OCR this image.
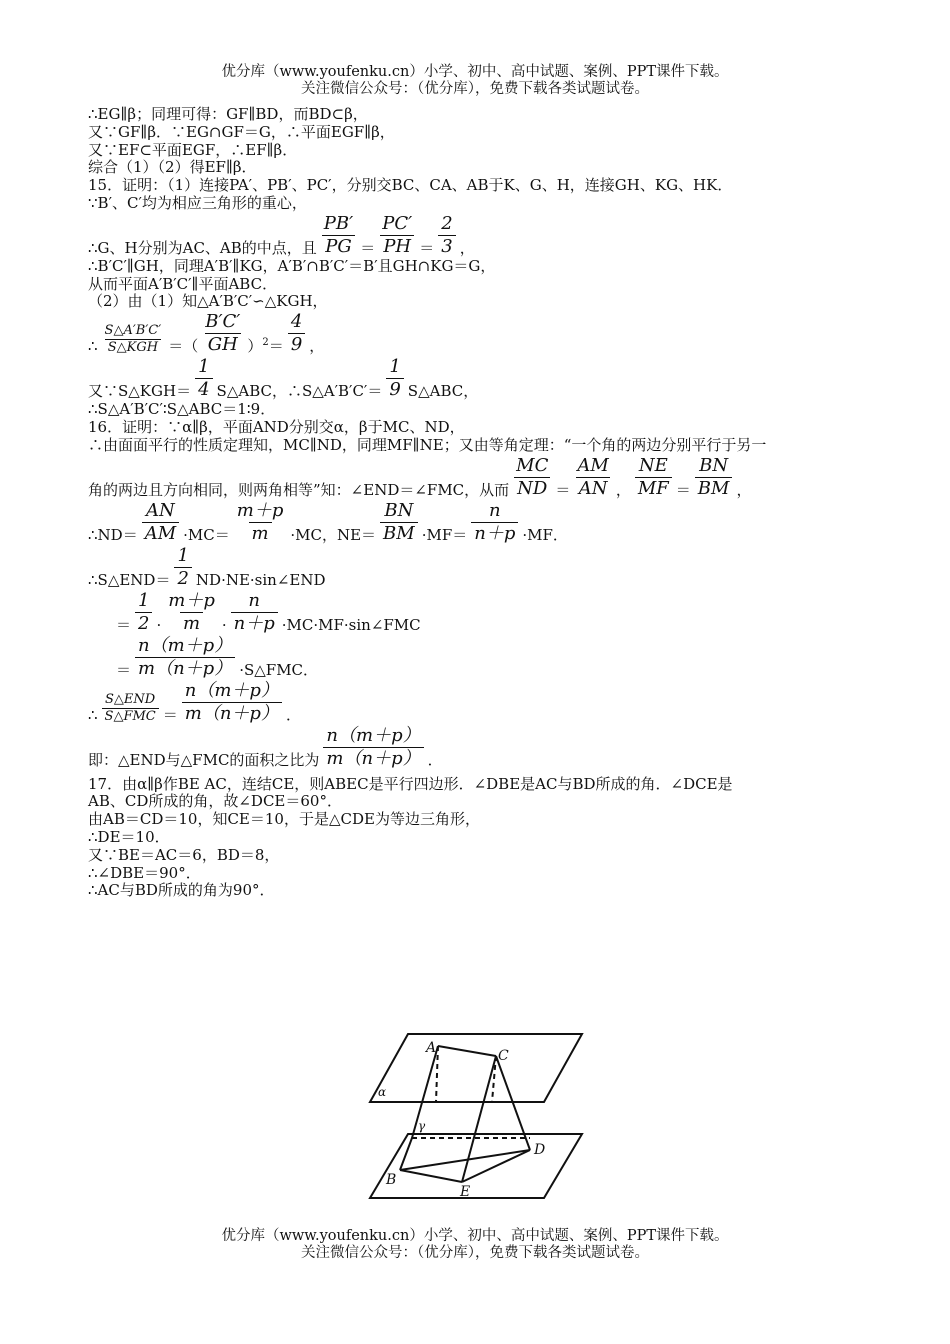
优分库（www.youfenku.cn）小学、初中、高中试题、案例、PPT课件下载。
关注微信公众号：（优分库），免费下载各类试题试卷。
∴EG∥β；同理可得：GF∥BD，而BD⊂β，
又∵GF∥β．∵EG∩GF＝G，∴平面EGF∥β，
又∵EF⊂平面EGF，∴EF∥β．
综合（1）（2）得EF∥β．
15．证明：（1）连接PA′、PB′、PC′，分别交BC、CA、AB于K、G、H，连接GH、KG、HK．
∵B′、C′均为相应三角形的重心，
∴G、H分别为AC、AB的中点，且 $\frac{PB'}{PG} = \frac{PC'}{PH} = \frac{2}{3}$ ，
∴B′C′∥GH，同理A′B′∥KG，A′B′∩B′C′＝B′且GH∩KG＝G，
从而平面A′B′C′∥平面ABC．
（2）由（1）知△A′B′C′∽△KGH，
∴ $\frac{S\triangle A'B'C'}{\text{S△KGH}}$ ＝（ $\frac{B'C'}{GH} )^2= \frac{4}{9}$ ，
又∵S△KGH＝ $\frac{1}{4}$ S△ABC，∴S△A′B′C′＝ $\frac{1}{9}$ S△ABC，
∴S△A′B′C′∶S△ABC＝1∶9．
16．证明：∵α∥β，平面AND分别交α，β于MC、ND，
∴由面面平行的性质定理知，MC∥ND，同理MF∥NE；又由等角定理：“一个角的两边分别平行于另一
角的两边且方向相同，则两角相等”知：∠END＝∠FMC，从而 $\frac{MC}{ND} = \frac{AM}{AN}$ ， $\frac{NE}{MF} = \frac{BN}{BM}$ ，
∴ND＝ $\frac{AN}{AM} \cdot MC= \frac{m+p}{m} \cdot MC$，$NE= \frac{BN}{BM} \cdot MF= \frac{n}{n+p} \cdot MF$．
∴S△END＝ $\frac{1}{2}$ ND·NE·sin∠END
＝ $\frac{1}{2} \cdot \frac{m+p}{m} \cdot \frac{n}{n+p}$ ·MC·MF·sin∠FMC
＝ $\frac{n(m+p)}{m(n+p)}$ ·S△FMC．
∴ $\frac{\text{S△END}}{\text{S△FMC}} = \frac{n(m+p)}{m(n+p)}$ ．
即：△END与△FMC的面积之比为 $\frac{n(m+p)}{m(n+p)}$ ．
17．由α∥β作BE AC，连结CE，则ABEC是平行四边形．∠DBE是AC与BD所成的角．∠DCE是
AB、CD所成的角，故∠DCE＝60°．
由AB＝CD＝10，知CE＝10，于是△CDE为等边三角形，
∴DE＝10．
又∵BE＝AC＝6，BD＝8，
∴∠DBE＝90°．
∴AC与BD所成的角为90°．
A	C
B
D
E
α
γ
优分库（www.youfenku.cn）小学、初中、高中试题、案例、PPT课件下载。
关注微信公众号：（优分库），免费下载各类试题试卷。
